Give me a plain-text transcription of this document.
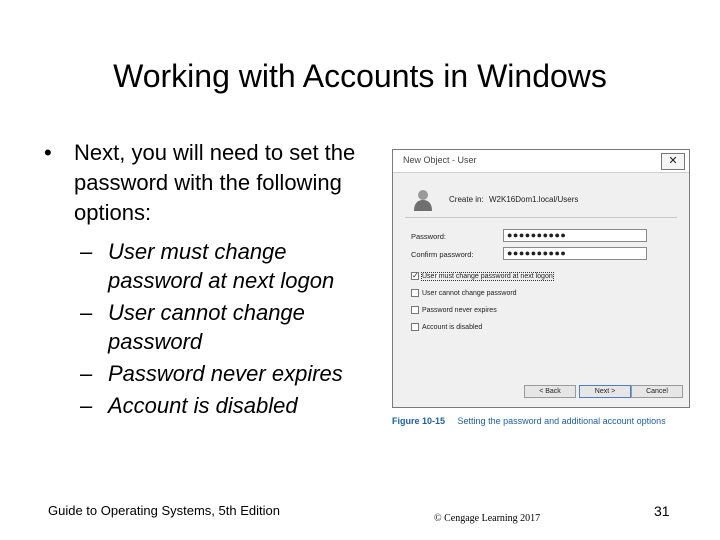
Working with Accounts in Windows
• Next, you will need to set the password with the following options:
– User must change password at next logon
– User cannot change password
– Password never expires
– Account is disabled
New Object - User	✕
Create in: W2K16Dom1.local/Users
Password:	●●●●●●●●●●
Confirm password:	●●●●●●●●●●
✓ User must change password at next logon
User cannot change password
Password never expires
Account is disabled
< Back	Next >	Cancel
Figure 10-15 Setting the password and additional account options
Guide to Operating Systems, 5th Edition
© Cengage Learning 2017	31
